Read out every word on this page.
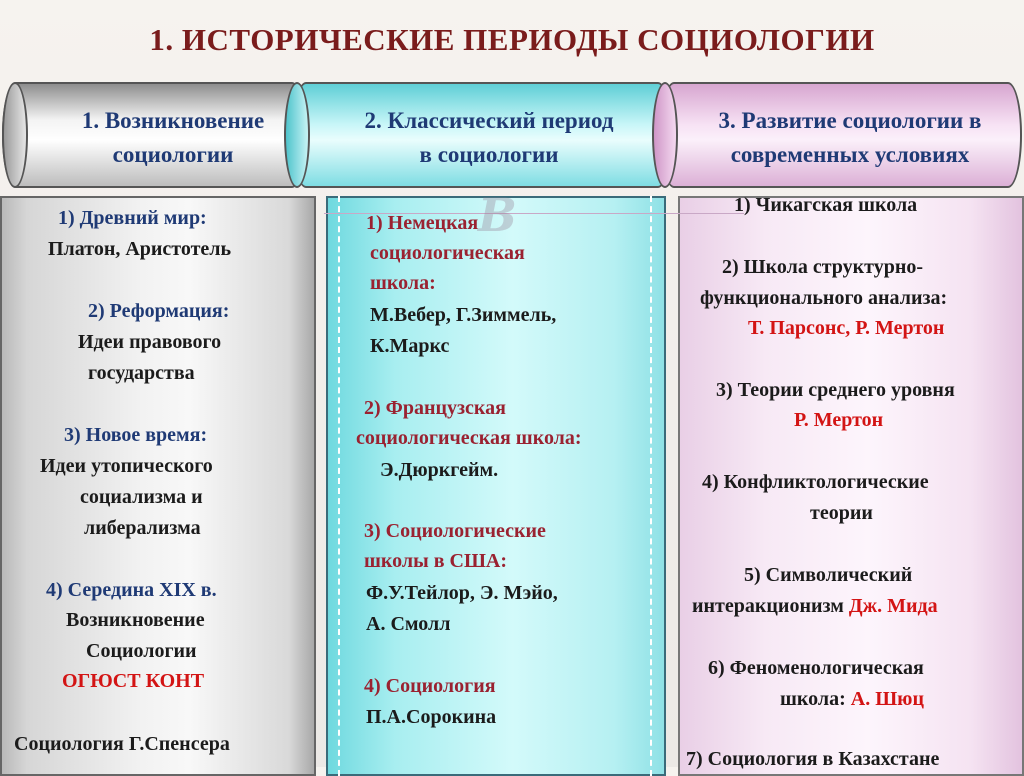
1. ИСТОРИЧЕСКИЕ ПЕРИОДЫ СОЦИОЛОГИИ
B
1. Возникновение
социологии
2. Классический период
в социологии
3. Развитие социологии в
современных условиях
1) Древний мир:
Платон, Аристотель
2) Реформация:
Идеи правового
государства
3) Новое время:
Идеи утопического
социализма и
либерализма
4) Середина XIX в.
Возникновение
Социологии
ОГЮСТ КОНТ
Социология Г.Спенсера
1) Немецкая
социологическая
школа:
М.Вебер, Г.Зиммель,
К.Маркс
2) Французская
социологическая школа:
Э.Дюркгейм.
3) Социологические
школы в США:
Ф.У.Тейлор, Э. Мэйо,
А. Смолл
4) Социология
П.А.Сорокина
1) Чикагская школа
2) Школа структурно-
функционального анализа:
Т. Парсонс, Р. Мертон
3) Теории среднего уровня
Р. Мертон
4) Конфликтологические
теории
5) Символический
интеракционизм Дж. Мида
6) Феноменологическая
школа: А. Шюц
7) Социология в Казахстане
